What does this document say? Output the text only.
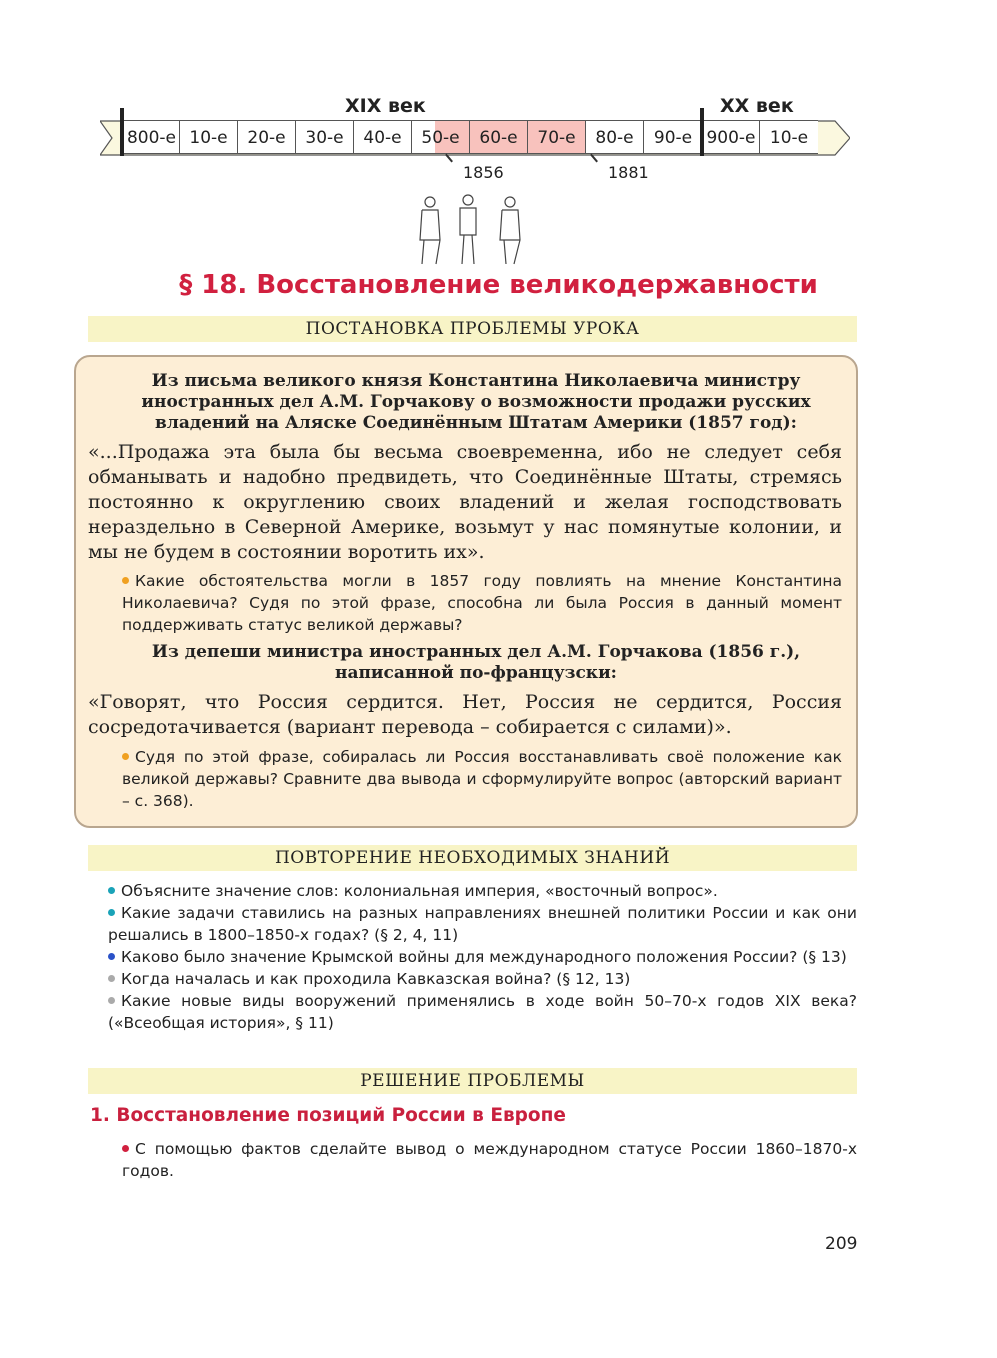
XIX век	XX век
800-е 10-е	20-е	30-е	40-е	50-е	60-е	70-е	80-е	90-е 900-е 10-е
1856	1881
§ 18. Восстановление великодержавности
ПОСТАНОВКА ПРОБЛЕМЫ УРОКА
Из письма великого князя Константина Николаевича министру иностранных дел А.М. Горчакову о возможности продажи русских владений на Аляске Соединённым Штатам Америки (1857 год):
«...Продажа эта была бы весьма своевременна, ибо не следует себя обманывать и надобно предвидеть, что Соединённые Штаты, стремясь постоянно к округлению своих владений и желая господствовать нераздельно в Северной Америке, возьмут у нас помянутые колонии, и мы не будем в состоянии воротить их».
Какие обстоятельства могли в 1857 году повлиять на мнение Константина Николаевича? Судя по этой фразе, способна ли была Россия в данный момент поддерживать статус великой державы?
Из депеши министра иностранных дел А.М. Горчакова (1856 г.), написанной по-французски:
«Говорят, что Россия сердится. Нет, Россия не сердится, Россия сосредотачивается (вариант перевода – собирается с силами)».
Судя по этой фразе, собиралась ли Россия восстанавливать своё положение как великой державы? Сравните два вывода и сформулируйте вопрос (авторский вариант – с. 368).
ПОВТОРЕНИЕ НЕОБХОДИМЫХ ЗНАНИЙ
Объясните значение слов: колониальная империя, «восточный вопрос».
Какие задачи ставились на разных направлениях внешней политики России и как они решались в 1800–1850-х годах? (§ 2, 4, 11)
Каково было значение Крымской войны для международного положения России? (§ 13)
Когда началась и как проходила Кавказская война? (§ 12, 13)
Какие новые виды вооружений применялись в ходе войн 50–70-х годов XIX века? («Всеобщая история», § 11)
РЕШЕНИЕ ПРОБЛЕМЫ
1. Восстановление позиций России в Европе
С помощью фактов сделайте вывод о международном статусе России 1860–1870-х годов.
209
